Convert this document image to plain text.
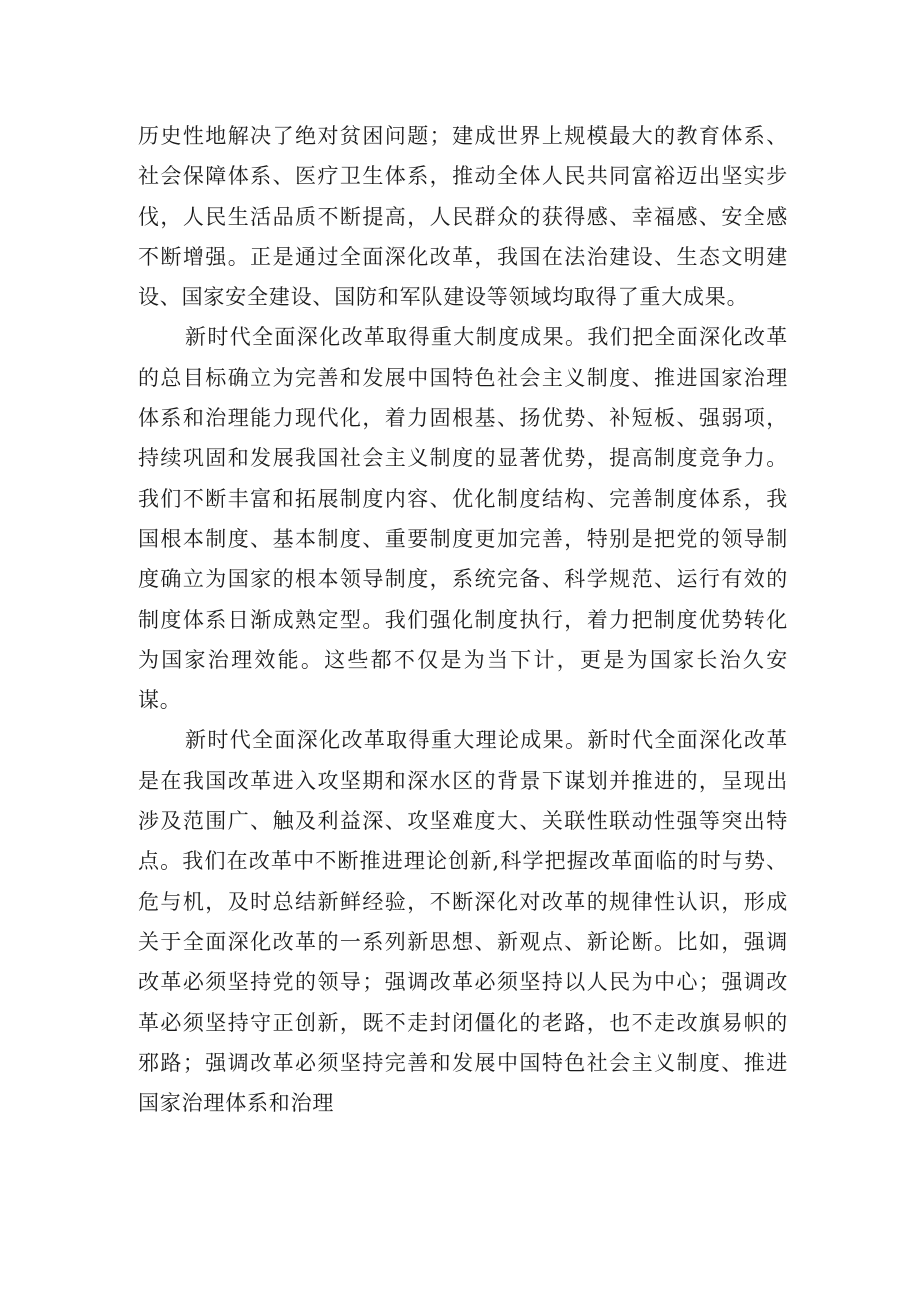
历史性地解决了绝对贫困问题；建成世界上规模最大的教育体系、社会保障体系、医疗卫生体系，推动全体人民共同富裕迈出坚实步伐，人民生活品质不断提高，人民群众的获得感、幸福感、安全感不断增强。正是通过全面深化改革，我国在法治建设、生态文明建设、国家安全建设、国防和军队建设等领域均取得了重大成果。

新时代全面深化改革取得重大制度成果。我们把全面深化改革的总目标确立为完善和发展中国特色社会主义制度、推进国家治理体系和治理能力现代化，着力固根基、扬优势、补短板、强弱项，持续巩固和发展我国社会主义制度的显著优势，提高制度竞争力。我们不断丰富和拓展制度内容、优化制度结构、完善制度体系，我国根本制度、基本制度、重要制度更加完善，特别是把党的领导制度确立为国家的根本领导制度，系统完备、科学规范、运行有效的制度体系日渐成熟定型。我们强化制度执行，着力把制度优势转化为国家治理效能。这些都不仅是为当下计，更是为国家长治久安谋。

新时代全面深化改革取得重大理论成果。新时代全面深化改革是在我国改革进入攻坚期和深水区的背景下谋划并推进的，呈现出涉及范围广、触及利益深、攻坚难度大、关联性联动性强等突出特点。我们在改革中不断推进理论创新,科学把握改革面临的时与势、危与机，及时总结新鲜经验，不断深化对改革的规律性认识，形成关于全面深化改革的一系列新思想、新观点、新论断。比如，强调改革必须坚持党的领导；强调改革必须坚持以人民为中心；强调改革必须坚持守正创新，既不走封闭僵化的老路，也不走改旗易帜的邪路；强调改革必须坚持完善和发展中国特色社会主义制度、推进国家治理体系和治理
